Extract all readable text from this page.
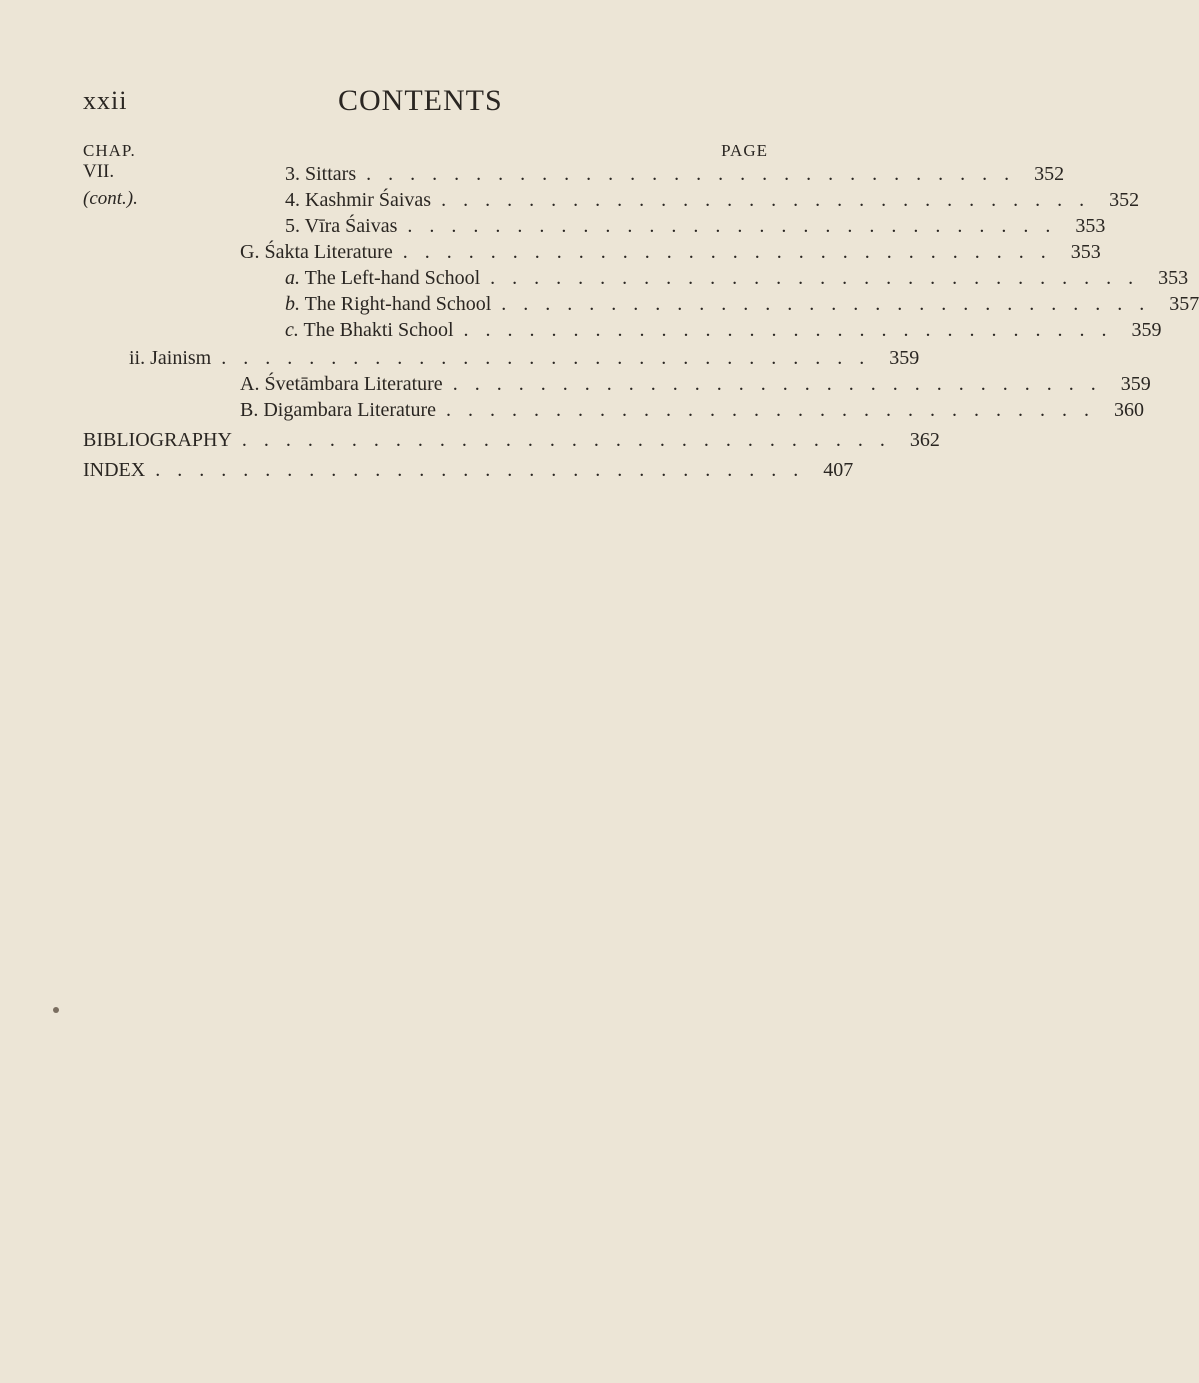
xxii	CONTENTS
CHAP.	PAGE
VII.
(cont.).
3. Sittars .............................. 352
4. Kashmir Śaivas .............................. 352
5. Vīra Śaivas .............................. 353
G. Śakta Literature .............................. 353
a. The Left-hand School .............................. 353
b. The Right-hand School .............................. 357
c. The Bhakti School .............................. 359
ii. Jainism .............................. 359
A. Śvetāmbara Literature .............................. 359
B. Digambara Literature .............................. 360
BIBLIOGRAPHY .............................. 362
INDEX .............................. 407
